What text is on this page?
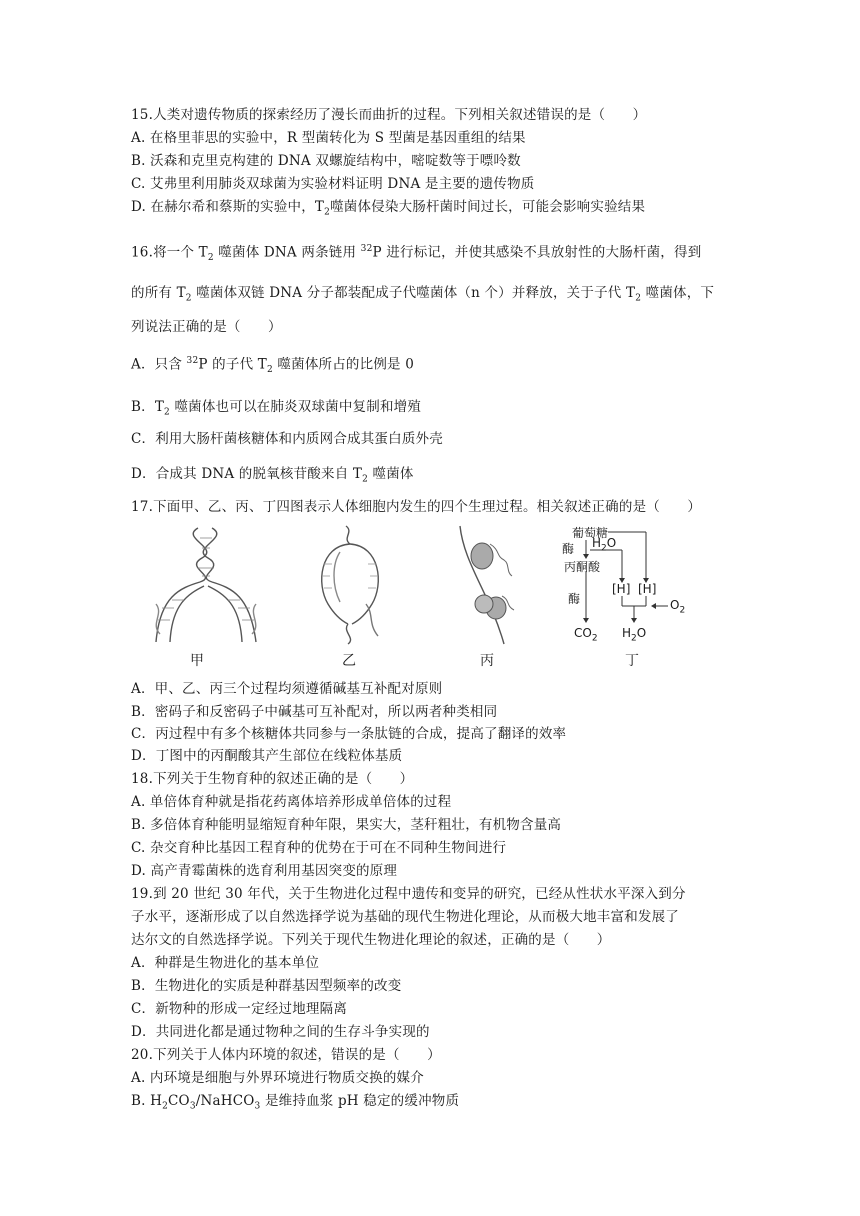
15.人类对遗传物质的探索经历了漫长而曲折的过程。下列相关叙述错误的是（　　）
A. 在格里菲思的实验中，R 型菌转化为 S 型菌是基因重组的结果
B. 沃森和克里克构建的 DNA 双螺旋结构中，嘧啶数等于嘌呤数
C. 艾弗里利用肺炎双球菌为实验材料证明 DNA 是主要的遗传物质
D. 在赫尔希和蔡斯的实验中，$T_2$噬菌体侵染大肠杆菌时间过长，可能会影响实验结果
16.将一个 $T_2$ 噬菌体 DNA 两条链用 $^{32}$P 进行标记，并使其感染不具放射性的大肠杆菌，得到
的所有 $T_2$ 噬菌体双链 DNA 分子都装配成子代噬菌体（n 个）并释放，关于子代 $T_2$ 噬菌体，下
列说法正确的是（　　）
A．只含 $^{32}$P 的子代 $T_2$ 噬菌体所占的比例是 0
B．$T_2$ 噬菌体也可以在肺炎双球菌中复制和增殖
C．利用大肠杆菌核糖体和内质网合成其蛋白质外壳
D．合成其 DNA 的脱氧核苷酸来自 $T_2$ 噬菌体
17.下面甲、乙、丙、丁四图表示人体细胞内发生的四个生理过程。相关叙述正确的是（　　）
甲	乙	丙
葡萄糖
酶 $H_2O$
丙酮酸
[H] [H]
酶	$O_2$
$CO_2$ $H_2O$
丁
A．甲、乙、丙三个过程均须遵循碱基互补配对原则
B．密码子和反密码子中碱基可互补配对，所以两者种类相同
C．丙过程中有多个核糖体共同参与一条肽链的合成，提高了翻译的效率
D．丁图中的丙酮酸其产生部位在线粒体基质
18.下列关于生物育种的叙述正确的是（　　）
A. 单倍体育种就是指花药离体培养形成单倍体的过程
B. 多倍体育种能明显缩短育种年限，果实大，茎秆粗壮，有机物含量高
C. 杂交育种比基因工程育种的优势在于可在不同种生物间进行
D. 高产青霉菌株的选育利用基因突变的原理
19.到 20 世纪 30 年代，关于生物进化过程中遗传和变异的研究，已经从性状水平深入到分
子水平，逐渐形成了以自然选择学说为基础的现代生物进化理论，从而极大地丰富和发展了
达尔文的自然选择学说。下列关于现代生物进化理论的叙述，正确的是（　　）
A．种群是生物进化的基本单位
B．生物进化的实质是种群基因型频率的改变
C．新物种的形成一定经过地理隔离
D．共同进化都是通过物种之间的生存斗争实现的
20.下列关于人体内环境的叙述，错误的是（　　）
A. 内环境是细胞与外界环境进行物质交换的媒介
B. $H_2CO_3/NaHCO_3$ 是维持血浆 pH 稳定的缓冲物质
